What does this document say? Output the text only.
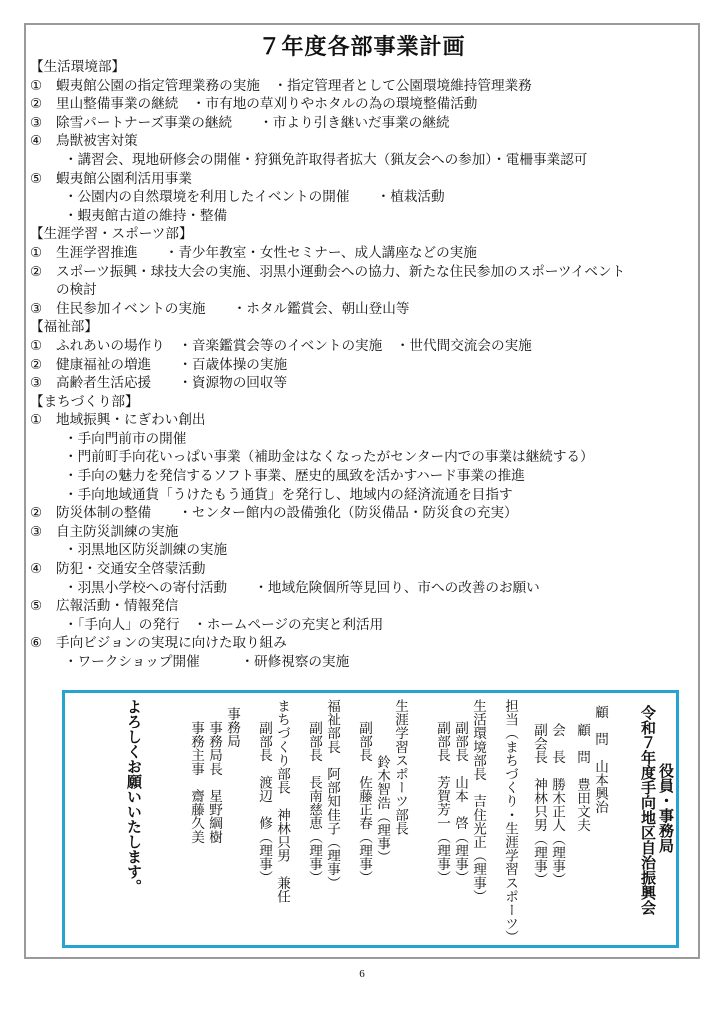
７年度各部事業計画
【生活環境部】
① 蝦夷館公園の指定管理業務の実施　・指定管理者として公園環境維持管理業務
② 里山整備事業の継続　・市有地の草刈りやホタルの為の環境整備活動
③ 除雪パートナーズ事業の継続　　・市より引き継いだ事業の継続
④ 鳥獣被害対策
・講習会、現地研修会の開催・狩猟免許取得者拡大（猟友会への参加）・電柵事業認可
⑤ 蝦夷館公園利活用事業
・公園内の自然環境を利用したイベントの開催　　・植栽活動
・蝦夷館古道の維持・整備
【生涯学習・スポーツ部】
① 生涯学習推進　　・青少年教室・女性セミナー、成人講座などの実施
② スポーツ振興・球技大会の実施、羽黒小運動会への協力、新たな住民参加のスポーツイベント
の検討
③ 住民参加イベントの実施　　・ホタル鑑賞会、朝山登山等
【福祉部】
① ふれあいの場作り　・音楽鑑賞会等のイベントの実施　・世代間交流会の実施
② 健康福祉の増進　　・百歳体操の実施
③ 高齢者生活応援　　・資源物の回収等
【まちづくり部】
① 地域振興・にぎわい創出
・手向門前市の開催
・門前町手向花いっぱい事業（補助金はなくなったがセンター内での事業は継続する）
・手向の魅力を発信するソフト事業、歴史的風致を活かすハード事業の推進
・手向地域通貨「うけたもう通貨」を発行し、地域内の経済流通を目指す
② 防災体制の整備　　・センター館内の設備強化（防災備品・防災食の充実）
③ 自主防災訓練の実施
・羽黒地区防災訓練の実施
④ 防犯・交通安全啓蒙活動
・羽黒小学校への寄付活動　　・地域危険個所等見回り、市への改善のお願い
⑤ 広報活動・情報発信
・「手向人」の発行　・ホームページの充実と利活用
⑥ 手向ビジョンの実現に向けた取り組み
・ワークショップ開催　　　・研修視察の実施
令和７年度手向地区自治振興会 役員・事務局
顧　問　山本興治
顧　問　豊田文夫
会　長　勝木正人（理事）
副会長　神林只男（理事）
担当（まちづくり・生涯学習スポーツ）
生活環境部長　吉住光正（理事）
副部長　山本　啓（理事）
副部長　芳賀芳一（理事）
生涯学習スポーツ部長
鈴木智浩（理事）
副部長　佐藤正春（理事）
福祉部長　阿部知佳子（理事）
副部長　長南慈恵（理事）
まちづくり部長　神林只男　兼任
副部長　渡辺　修（理事）
事務局
事務局長　星野綱樹
事務主事　齋藤久美
よろしくお願いいたします。
6
